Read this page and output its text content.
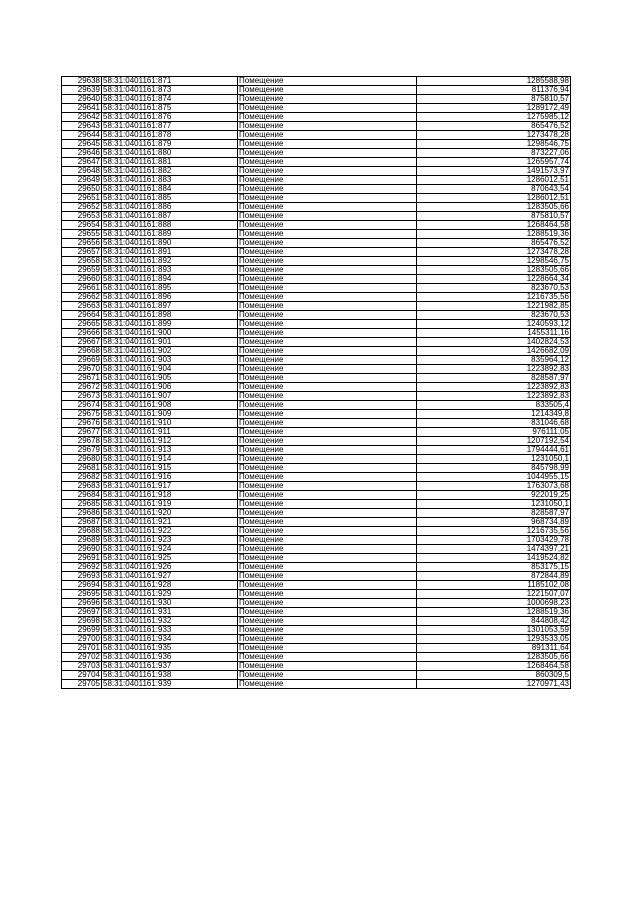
29638	58:31:0401161:871	Помещение	1285588,98
29639	58:31:0401161:873	Помещение	811376,94
29640	58:31:0401161:874	Помещение	875810,57
29641	58:31:0401161:875	Помещение	1289172,49
29642	58:31:0401161:876	Помещение	1275985,12
29643	58:31:0401161:877	Помещение	865476,52
29644	58:31:0401161:878	Помещение	1273478,28
29645	58:31:0401161:879	Помещение	1298546,75
29646	58:31:0401161:880	Помещение	873227,06
29647	58:31:0401161:881	Помещение	1265957,74
29648	58:31:0401161:882	Помещение	1491573,97
29649	58:31:0401161:883	Помещение	1286012,51
29650	58:31:0401161:884	Помещение	870643,54
29651	58:31:0401161:885	Помещение	1286012,51
29652	58:31:0401161:886	Помещение	1283505,66
29653	58:31:0401161:887	Помещение	875810,57
29654	58:31:0401161:888	Помещение	1268464,58
29655	58:31:0401161:889	Помещение	1288519,36
29656	58:31:0401161:890	Помещение	865476,52
29657	58:31:0401161:891	Помещение	1273478,28
29658	58:31:0401161:892	Помещение	1298546,75
29659	58:31:0401161:893	Помещение	1283505,66
29660	58:31:0401161:894	Помещение	1228664,34
29661	58:31:0401161:895	Помещение	823670,53
29662	58:31:0401161:896	Помещение	1216735,56
29663	58:31:0401161:897	Помещение	1221982,85
29664	58:31:0401161:898	Помещение	823670,53
29665	58:31:0401161:899	Помещение	1240593,12
29666	58:31:0401161:900	Помещение	1455311,16
29667	58:31:0401161:901	Помещение	1402824,53
29668	58:31:0401161:902	Помещение	1426682,09
29669	58:31:0401161:903	Помещение	835964,12
29670	58:31:0401161:904	Помещение	1223892,83
29671	58:31:0401161:905	Помещение	828587,97
29672	58:31:0401161:906	Помещение	1223892,83
29673	58:31:0401161:907	Помещение	1223892,83
29674	58:31:0401161:908	Помещение	833505,4
29675	58:31:0401161:909	Помещение	1214349,8
29676	58:31:0401161:910	Помещение	831046,68
29677	58:31:0401161:911	Помещение	976111,05
29678	58:31:0401161:912	Помещение	1207192,54
29679	58:31:0401161:913	Помещение	1794444,61
29680	58:31:0401161:914	Помещение	1231050,1
29681	58:31:0401161:915	Помещение	845798,99
29682	58:31:0401161:916	Помещение	1044955,15
29683	58:31:0401161:917	Помещение	1763073,68
29684	58:31:0401161:918	Помещение	922019,25
29685	58:31:0401161:919	Помещение	1231050,1
29686	58:31:0401161:920	Помещение	828587,97
29687	58:31:0401161:921	Помещение	968734,89
29688	58:31:0401161:922	Помещение	1216735,56
29689	58:31:0401161:923	Помещение	1703429,78
29690	58:31:0401161:924	Помещение	1474397,21
29691	58:31:0401161:925	Помещение	1419524,82
29692	58:31:0401161:926	Помещение	853175,15
29693	58:31:0401161:927	Помещение	872844,89
29694	58:31:0401161:928	Помещение	1185102,08
29695	58:31:0401161:929	Помещение	1221507,07
29696	58:31:0401161:930	Помещение	1000698,23
29697	58:31:0401161:931	Помещение	1288519,36
29698	58:31:0401161:932	Помещение	844808,42
29699	58:31:0401161:933	Помещение	1301053,59
29700	58:31:0401161:934	Помещение	1293533,05
29701	58:31:0401161:935	Помещение	891311,64
29702	58:31:0401161:936	Помещение	1283505,66
29703	58:31:0401161:937	Помещение	1268464,58
29704	58:31:0401161:938	Помещение	860309,5
29705	58:31:0401161:939	Помещение	1270971,43
